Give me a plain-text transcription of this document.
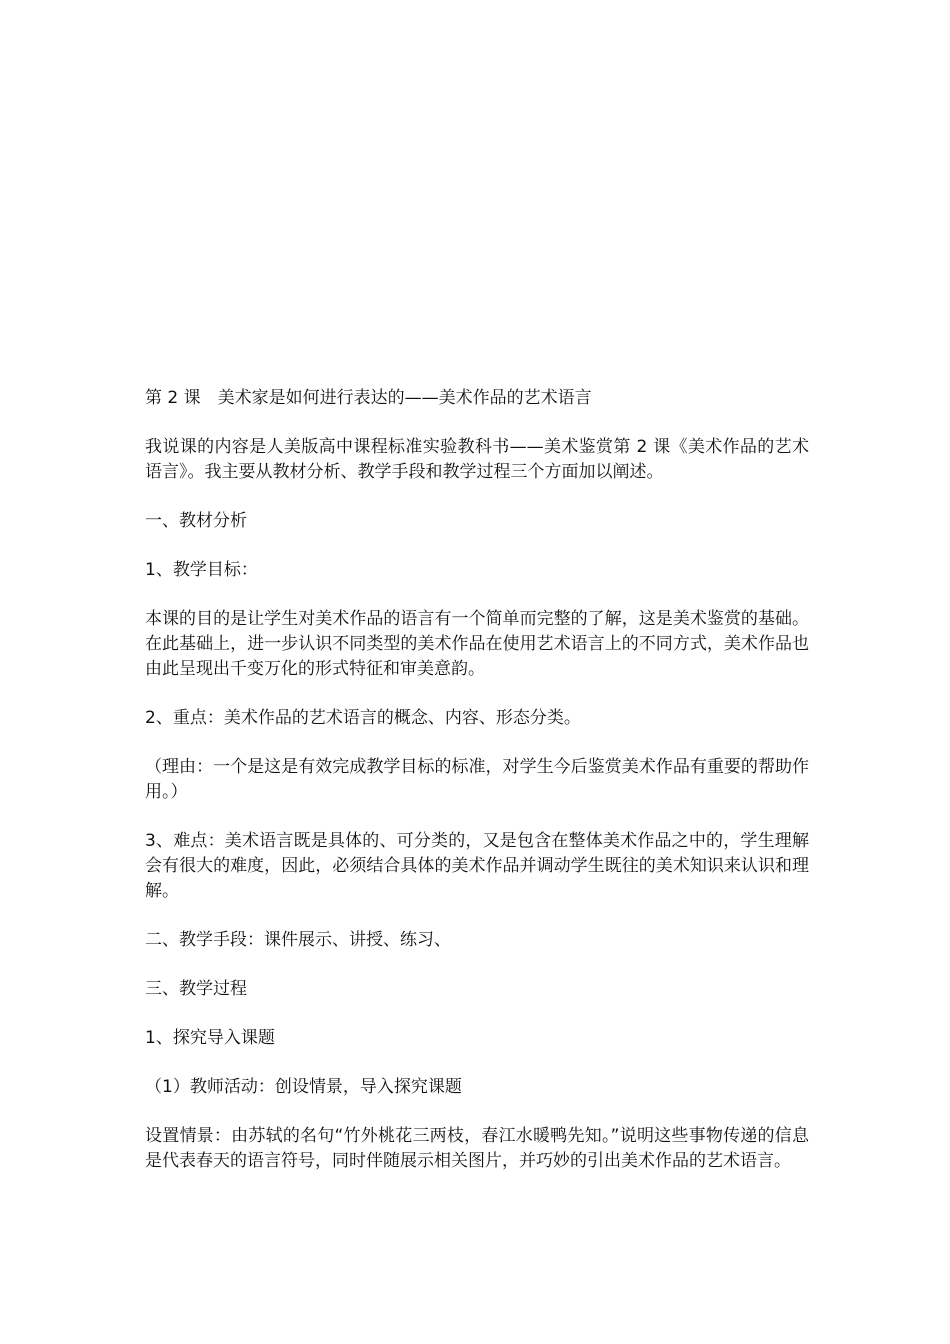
第 2 课　美术家是如何进行表达的——美术作品的艺术语言

我说课的内容是人美版高中课程标准实验教科书——美术鉴赏第 2 课《美术作品的艺术语言》。我主要从教材分析、教学手段和教学过程三个方面加以阐述。

一、教材分析

1、教学目标：

本课的目的是让学生对美术作品的语言有一个简单而完整的了解，这是美术鉴赏的基础。在此基础上，进一步认识不同类型的美术作品在使用艺术语言上的不同方式，美术作品也由此呈现出千变万化的形式特征和审美意韵。

2、重点：美术作品的艺术语言的概念、内容、形态分类。

（理由：一个是这是有效完成教学目标的标准，对学生今后鉴赏美术作品有重要的帮助作用。）

3、难点：美术语言既是具体的、可分类的，又是包含在整体美术作品之中的，学生理解会有很大的难度，因此，必须结合具体的美术作品并调动学生既往的美术知识来认识和理解。

二、教学手段：课件展示、讲授、练习、

三、教学过程

1、探究导入课题

（1）教师活动：创设情景，导入探究课题

设置情景：由苏轼的名句“竹外桃花三两枝，春江水暖鸭先知。”说明这些事物传递的信息是代表春天的语言符号，同时伴随展示相关图片，并巧妙的引出美术作品的艺术语言。
